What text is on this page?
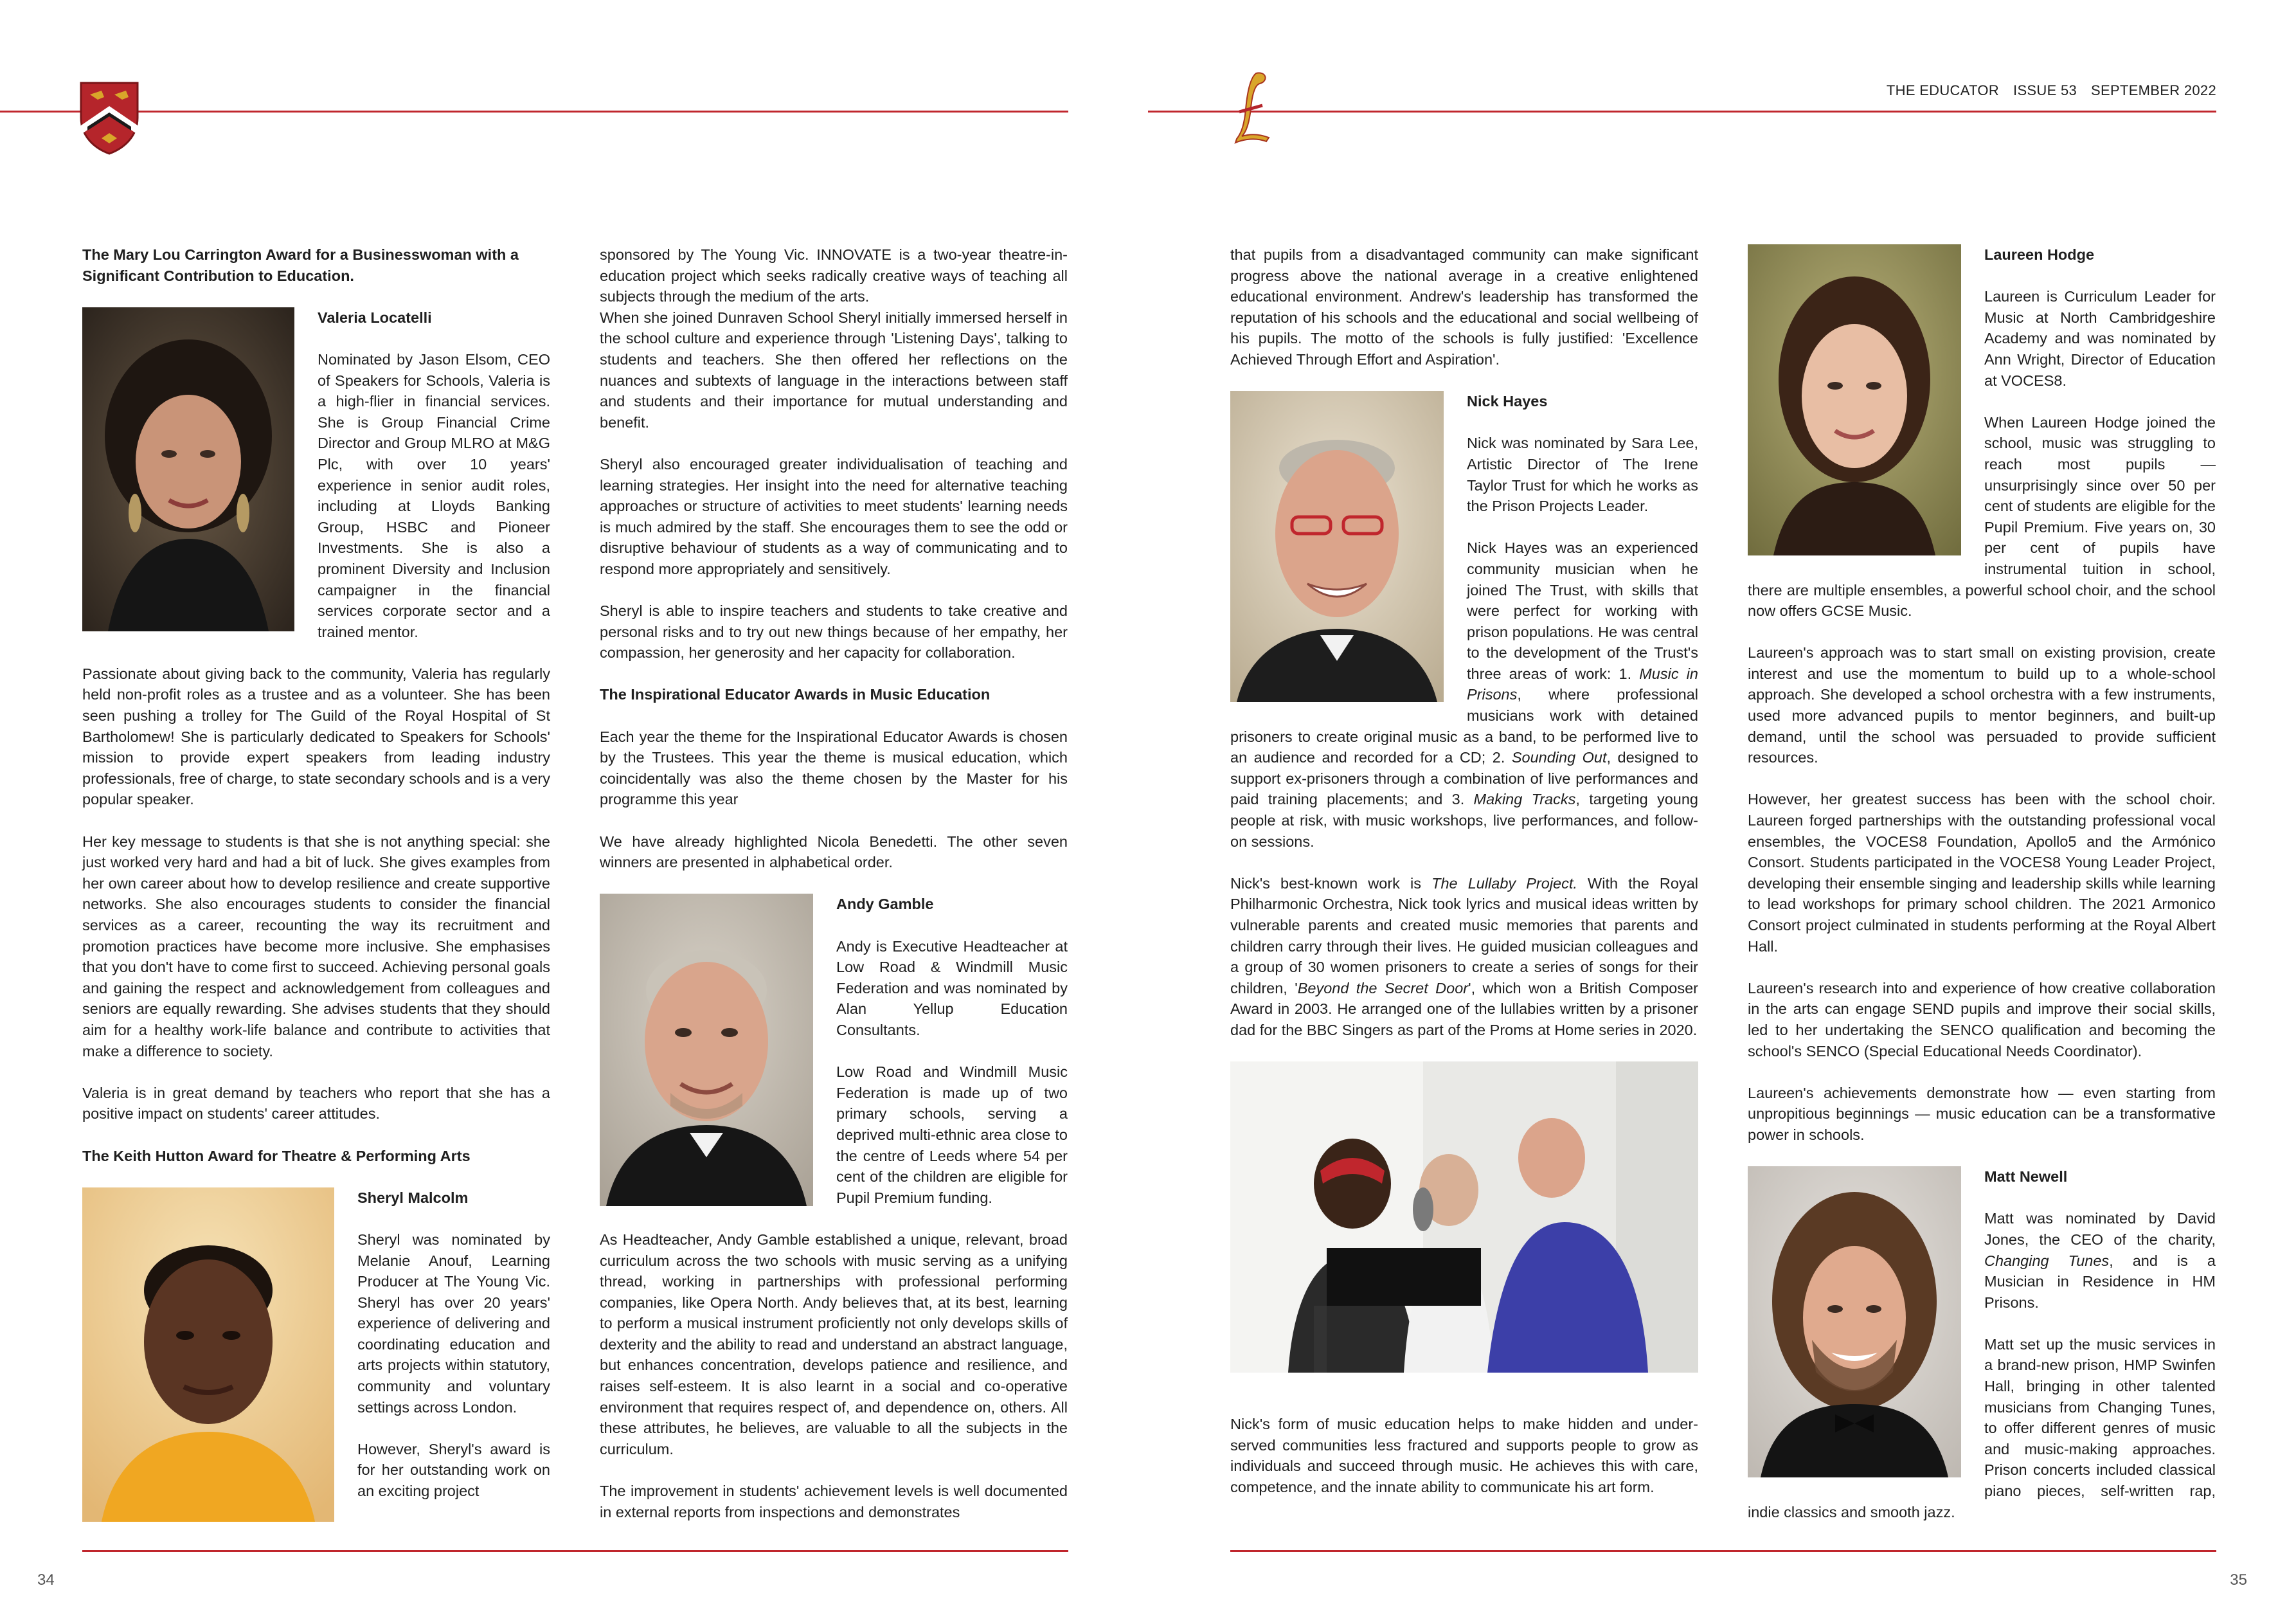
The Mary Lou Carrington Award for a Businesswoman with a Significant Contribution to Education.
Valeria Locatelli

Nominated by Jason Elsom, CEO of Speakers for Schools, Valeria is a high-flier in financial services. She is Group Financial Crime Director and Group MLRO at M&G Plc, with over 10 years' experience in senior audit roles, including at Lloyds Banking Group, HSBC and Pioneer Investments. She is also a prominent Diversity and Inclusion campaigner in the financial services corporate sector and a trained mentor.

Passionate about giving back to the community, Valeria has regularly held non-profit roles as a trustee and as a volunteer. She has been seen pushing a trolley for The Guild of the Royal Hospital of St Bartholomew! She is particularly dedicated to Speakers for Schools' mission to provide expert speakers from leading industry professionals, free of charge, to state secondary schools and is a very popular speaker.

Her key message to students is that she is not anything special: she just worked very hard and had a bit of luck. She gives examples from her own career about how to develop resilience and create supportive networks. She also encourages students to consider the financial services as a career, recounting the way its recruitment and promotion practices have become more inclusive. She emphasises that you don't have to come first to succeed. Achieving personal goals and gaining the respect and acknowledgement from colleagues and seniors are equally rewarding. She advises students that they should aim for a healthy work-life balance and contribute to activities that make a difference to society.

Valeria is in great demand by teachers who report that she has a positive impact on students' career attitudes.

The Keith Hutton Award for Theatre & Performing Arts
Sheryl Malcolm

Sheryl was nominated by Melanie Anouf, Learning Producer at The Young Vic. Sheryl has over 20 years' experience of delivering and coordinating education and arts projects within statutory, community and voluntary settings across London.

However, Sheryl's award is for her outstanding work on an exciting project

sponsored by The Young Vic. INNOVATE is a two-year theatre-in-education project which seeks radically creative ways of teaching all subjects through the medium of the arts.

When she joined Dunraven School Sheryl initially immersed herself in the school culture and experience through 'Listening Days', talking to students and teachers. She then offered her reflections on the nuances and subtexts of language in the interactions between staff and students and their importance for mutual understanding and benefit.

Sheryl also encouraged greater individualisation of teaching and learning strategies. Her insight into the need for alternative teaching approaches or structure of activities to meet students' learning needs is much admired by the staff. She encourages them to see the odd or disruptive behaviour of students as a way of communicating and to respond more appropriately and sensitively.

Sheryl is able to inspire teachers and students to take creative and personal risks and to try out new things because of her empathy, her compassion, her generosity and her capacity for collaboration.

The Inspirational Educator Awards in Music Education

Each year the theme for the Inspirational Educator Awards is chosen by the Trustees. This year the theme is musical education, which coincidentally was also the theme chosen by the Master for his programme this year

We have already highlighted Nicola Benedetti. The other seven winners are presented in alphabetical order.

Andy Gamble

Andy is Executive Headteacher at Low Road & Windmill Music Federation and was nominated by Alan Yellup Education Consultants.

Low Road and Windmill Music Federation is made up of two primary schools, serving a deprived multi-ethnic area close to the centre of Leeds where 54 per cent of the children are eligible for Pupil Premium funding.

As Headteacher, Andy Gamble established a unique, relevant, broad curriculum across the two schools with music serving as a unifying thread, working in partnerships with professional performing companies, like Opera North. Andy believes that, at its best, learning to perform a musical instrument proficiently not only develops skills of dexterity and the ability to read and understand an abstract language, but enhances concentration, develops patience and resilience, and raises self-esteem. It is also learnt in a social and co-operative environment that requires respect of, and dependence on, others. All these attributes, he believes, are valuable to all the subjects in the curriculum.

The improvement in students' achievement levels is well documented in external reports from inspections and demonstrates

34
THE EDUCATOR ISSUE 53 SEPTEMBER 2022

that pupils from a disadvantaged community can make significant progress above the national average in a creative enlightened educational environment. Andrew's leadership has transformed the reputation of his schools and the educational and social wellbeing of his pupils. The motto of the schools is fully justified: 'Excellence Achieved Through Effort and Aspiration'.

Nick Hayes

Nick was nominated by Sara Lee, Artistic Director of The Irene Taylor Trust for which he works as the Prison Projects Leader.

Nick Hayes was an experienced community musician when he joined The Trust, with skills that were perfect for working with prison populations. He was central to the development of the Trust's three areas of work: 1. Music in Prisons, where professional musicians work with detained prisoners to create original music as a band, to be performed live to an audience and recorded for a CD; 2. Sounding Out, designed to support ex-prisoners through a combination of live performances and paid training placements; and 3. Making Tracks, targeting young people at risk, with music workshops, live performances, and follow-on sessions.

Nick's best-known work is The Lullaby Project. With the Royal Philharmonic Orchestra, Nick took lyrics and musical ideas written by vulnerable parents and created music memories that parents and children carry through their lives. He guided musician colleagues and a group of 30 women prisoners to create a series of songs for their children, 'Beyond the Secret Door', which won a British Composer Award in 2003. He arranged one of the lullabies written by a prisoner dad for the BBC Singers as part of the Proms at Home series in 2020.

Nick's form of music education helps to make hidden and under-served communities less fractured and supports people to grow as individuals and succeed through music. He achieves this with care, competence, and the innate ability to communicate his art form.

Laureen Hodge

Laureen is Curriculum Leader for Music at North Cambridgeshire Academy and was nominated by Ann Wright, Director of Education at VOCES8.

When Laureen Hodge joined the school, music was struggling to reach most pupils — unsurprisingly since over 50 per cent of students are eligible for the Pupil Premium. Five years on, 30 per cent of pupils have instrumental tuition in school, there are multiple ensembles, a powerful school choir, and the school now offers GCSE Music.

Laureen's approach was to start small on existing provision, create interest and use the momentum to build up to a whole-school approach. She developed a school orchestra with a few instruments, used more advanced pupils to mentor beginners, and built-up demand, until the school was persuaded to provide sufficient resources.

However, her greatest success has been with the school choir. Laureen forged partnerships with the outstanding professional vocal ensembles, the VOCES8 Foundation, Apollo5 and the Armónico Consort. Students participated in the VOCES8 Young Leader Project, developing their ensemble singing and leadership skills while learning to lead workshops for primary school children. The 2021 Armonico Consort project culminated in students performing at the Royal Albert Hall.

Laureen's research into and experience of how creative collaboration in the arts can engage SEND pupils and improve their social skills, led to her undertaking the SENCO qualification and becoming the school's SENCO (Special Educational Needs Coordinator).

Laureen's achievements demonstrate how — even starting from unpropitious beginnings — music education can be a transformative power in schools.

Matt Newell

Matt was nominated by David Jones, the CEO of the charity, Changing Tunes, and is a Musician in Residence in HM Prisons.

Matt set up the music services in a brand-new prison, HMP Swinfen Hall, bringing in other talented musicians from Changing Tunes, to offer different genres of music and music-making approaches. Prison concerts included classical piano pieces, self-written rap, indie classics and smooth jazz.

35
